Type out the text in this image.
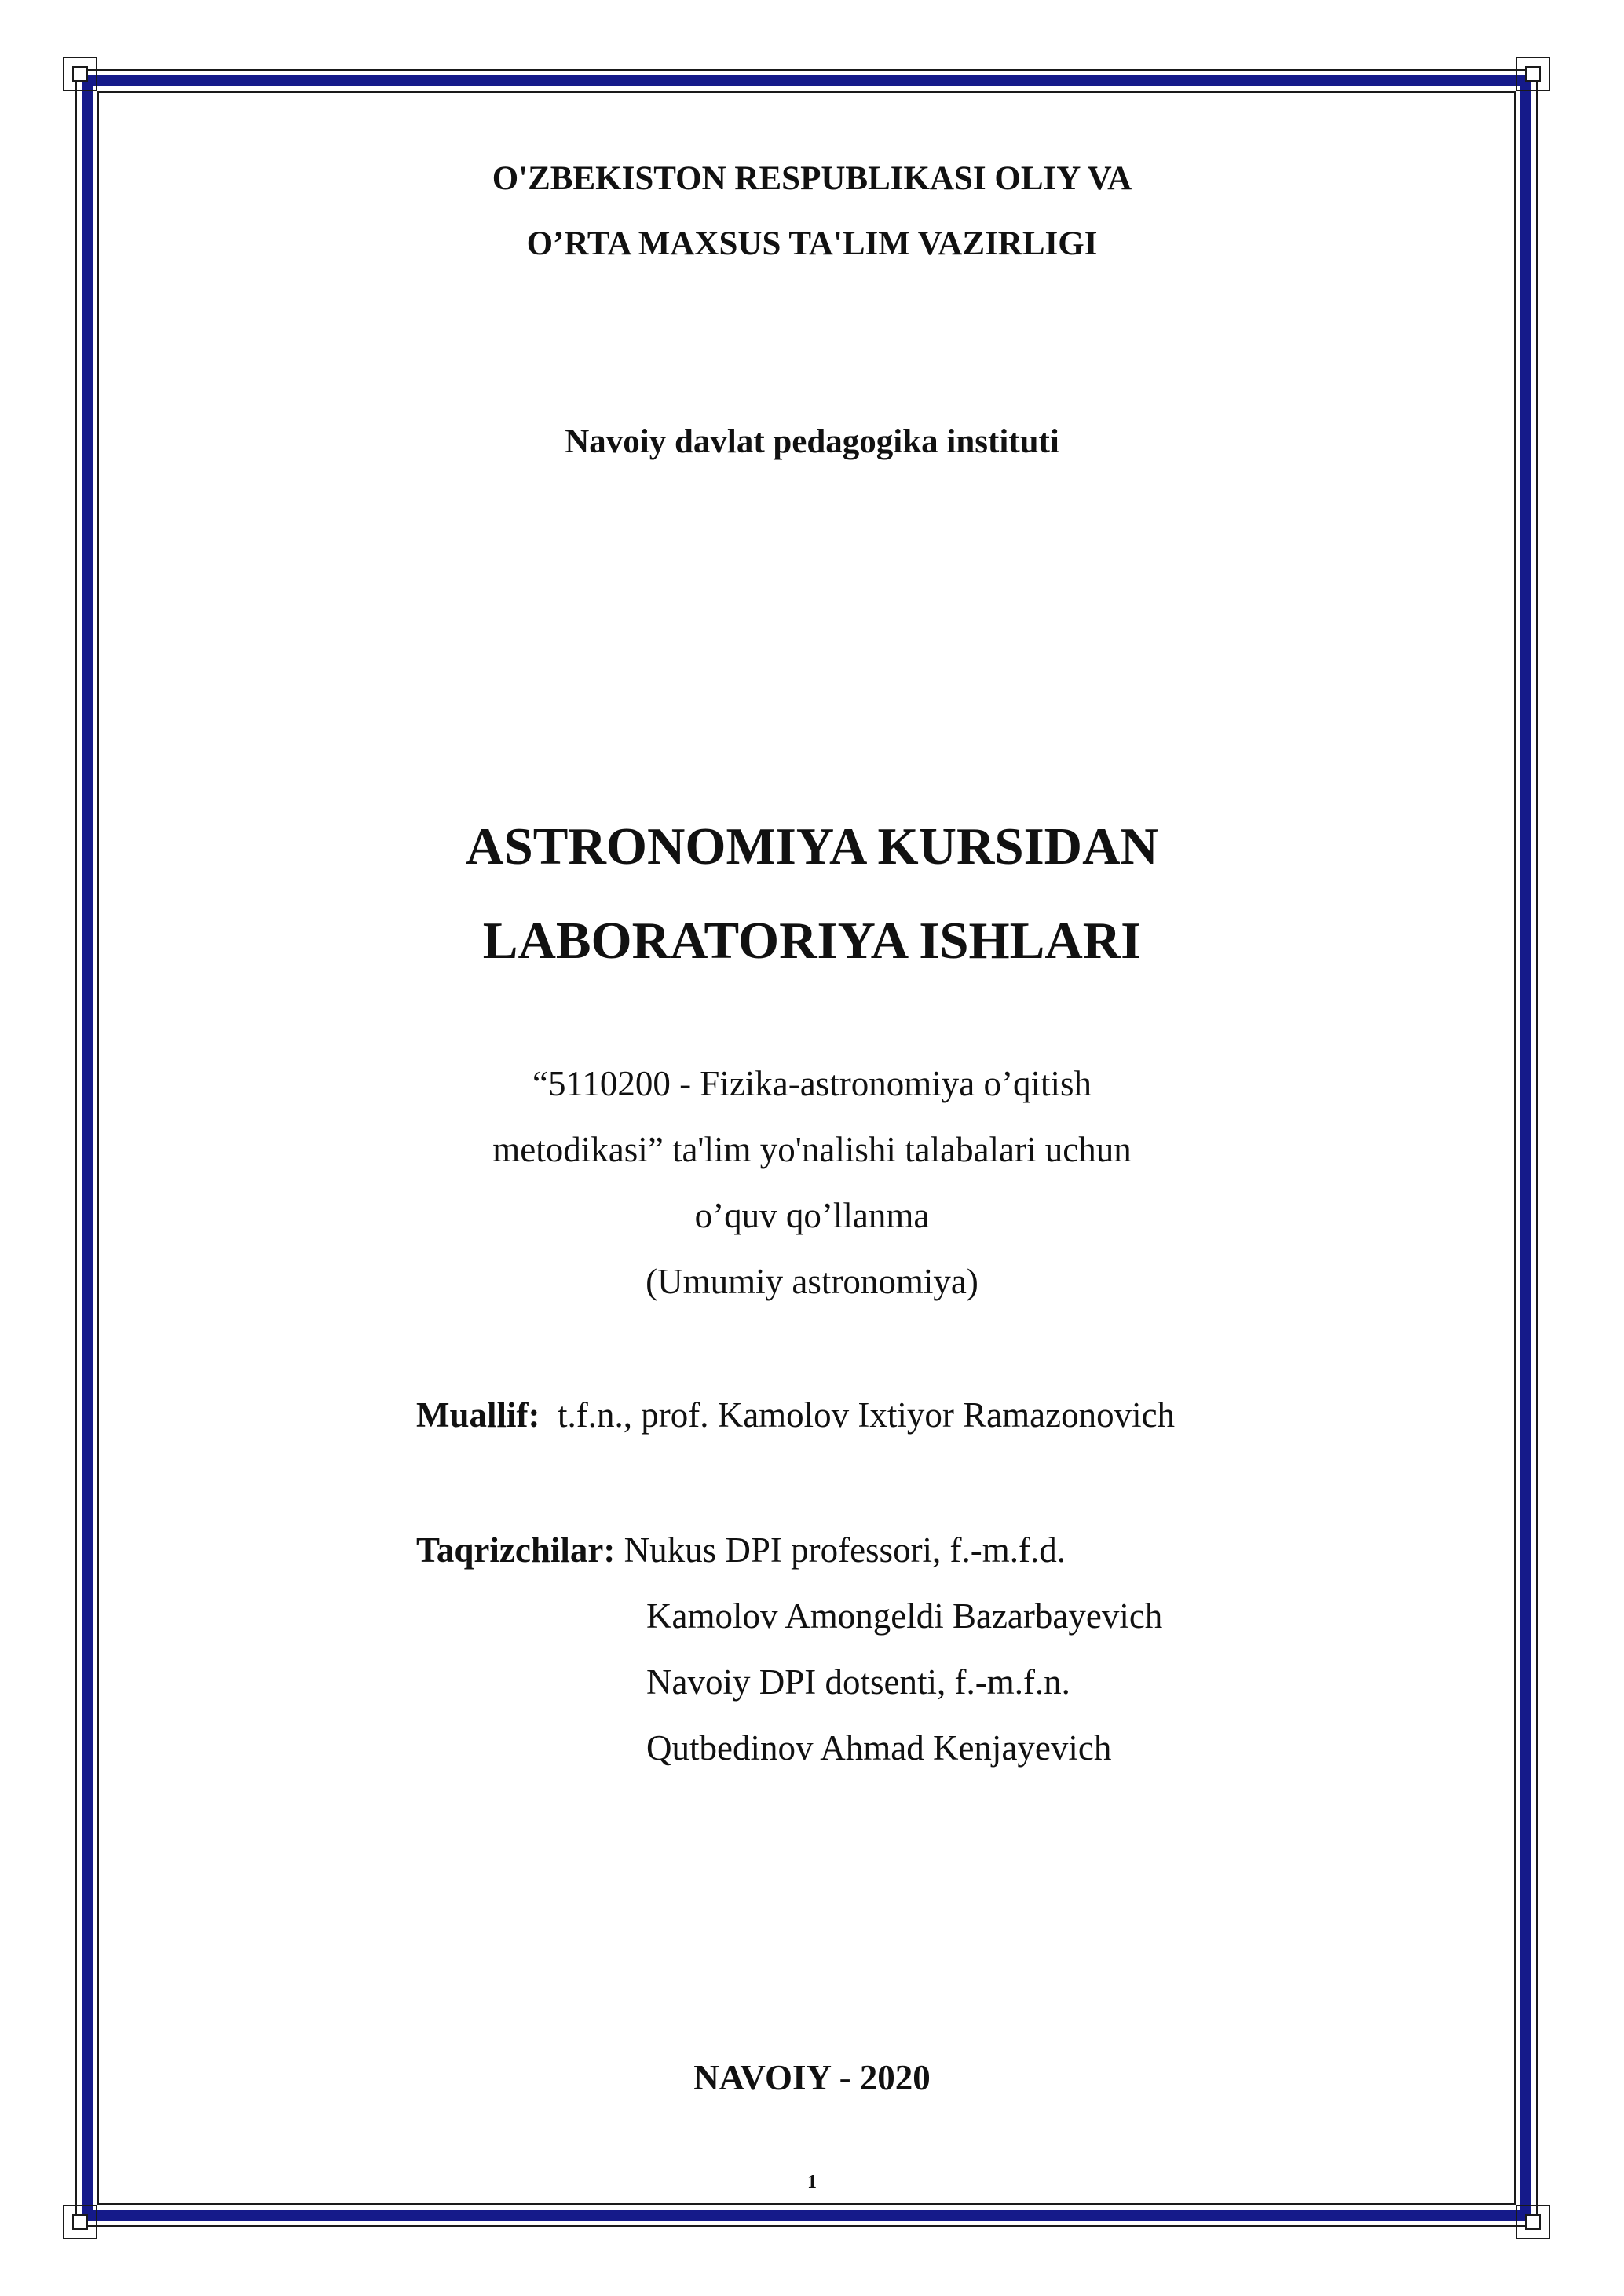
O'ZBEKISTON RESPUBLIKASI OLIY VA
O’RTA MAXSUS TA'LIM VAZIRLIGI
Navoiy davlat pedagogika instituti
ASTRONOMIYA KURSIDAN
LABORATORIYA ISHLARI
“5110200 - Fizika-astronomiya o’qitish
metodikasi” ta'lim yo'nalishi talabalari uchun
o’quv qo’llanma
(Umumiy astronomiya)
Muallif: t.f.n., prof. Kamolov Ixtiyor Ramazonovich
Taqrizchilar: Nukus DPI professori, f.-m.f.d.
Kamolov Amongeldi Bazarbayevich
Navoiy DPI dotsenti, f.-m.f.n.
Qutbedinov Ahmad Kenjayevich
NAVOIY - 2020
1
